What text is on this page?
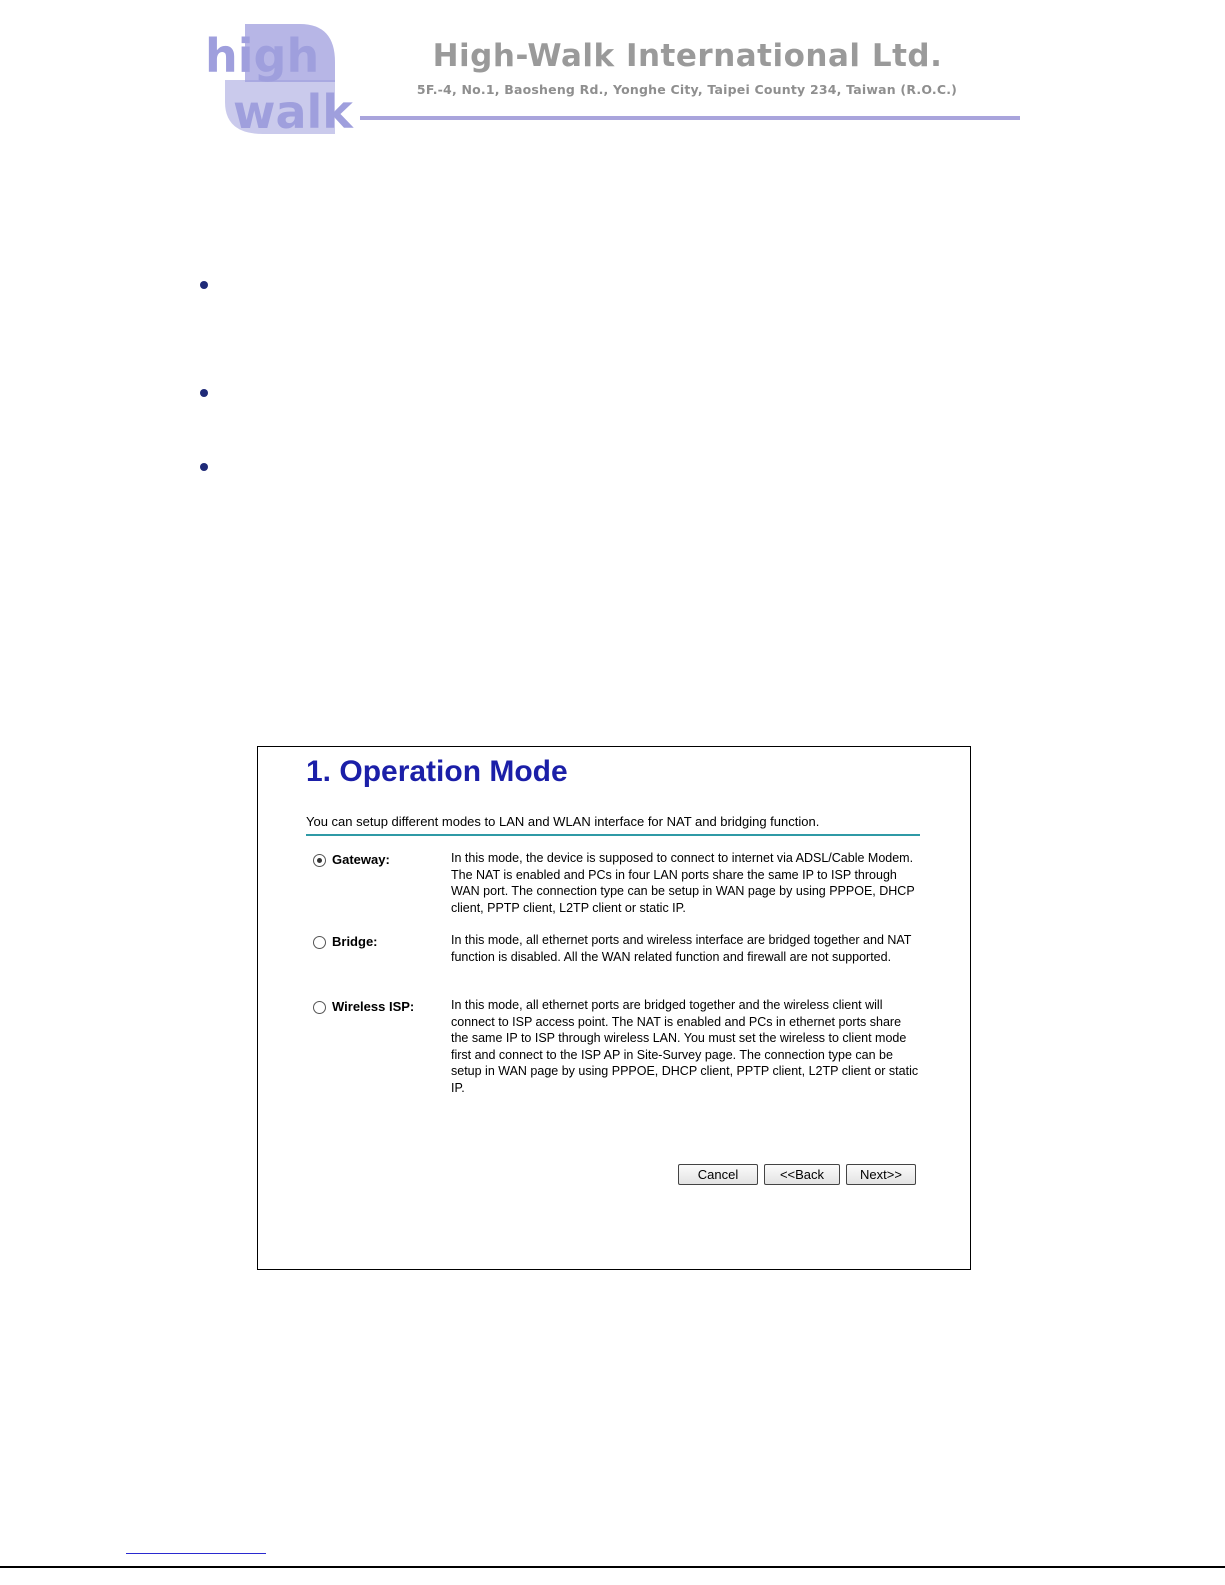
high
walk
High-Walk International Ltd.
5F.-4, No.1, Baosheng Rd., Yonghe City, Taipei County 234, Taiwan (R.O.C.)
1. Operation Mode
You can setup different modes to LAN and WLAN interface for NAT and bridging function.
Gateway:	In this mode, the device is supposed to connect to internet via ADSL/Cable Modem. The NAT is enabled and PCs in four LAN ports share the same IP to ISP through WAN port. The connection type can be setup in WAN page by using PPPOE, DHCP client, PPTP client, L2TP client or static IP.
Bridge:	In this mode, all ethernet ports and wireless interface are bridged together and NAT function is disabled. All the WAN related function and firewall are not supported.
Wireless ISP:	In this mode, all ethernet ports are bridged together and the wireless client will connect to ISP access point. The NAT is enabled and PCs in ethernet ports share the same IP to ISP through wireless LAN. You must set the wireless to client mode first and connect to the ISP AP in Site-Survey page. The connection type can be setup in WAN page by using PPPOE, DHCP client, PPTP client, L2TP client or static IP.
Cancel	<<Back	Next>>
